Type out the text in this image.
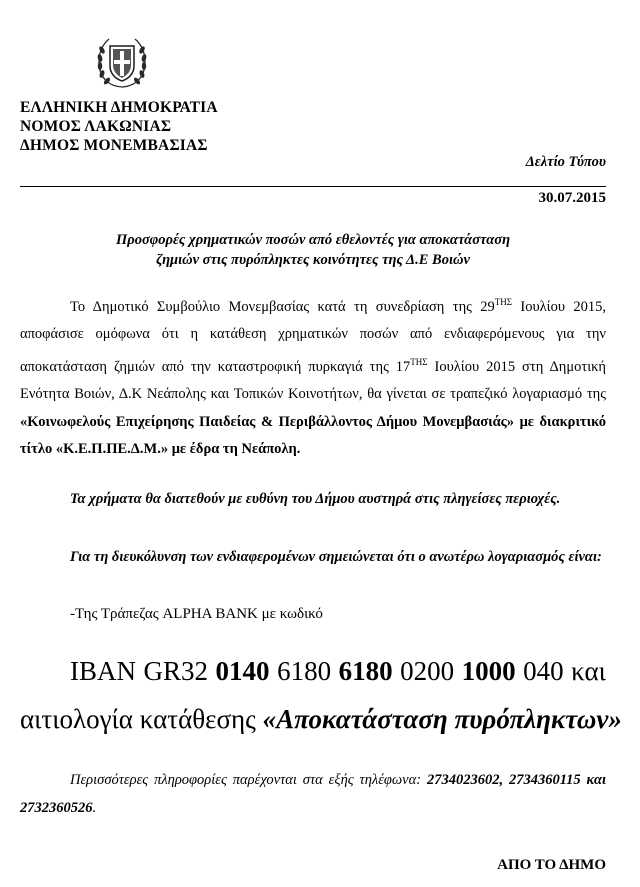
ΕΛΛΗΝΙΚΗ ΔΗΜΟΚΡΑΤΙΑ
ΝΟΜΟΣ ΛΑΚΩΝΙΑΣ
ΔΗΜΟΣ ΜΟΝΕΜΒΑΣΙΑΣ
Δελτίο Τύπου
30.07.2015
Προσφορές χρηματικών ποσών από εθελοντές για αποκατάσταση
ζημιών στις πυρόπληκτες κοινότητες της Δ.Ε Βοιών
Το Δημοτικό Συμβούλιο Μονεμβασίας κατά τη συνεδρίαση της $29^{TH\Sigma}$ Ιουλίου 2015, αποφάσισε ομόφωνα ότι η κατάθεση χρηματικών ποσών από ενδιαφερόμενους για την αποκατάσταση ζημιών από την καταστροφική πυρκαγιά της $17^{TH\Sigma}$ Ιουλίου 2015 στη Δημοτική Ενότητα Βοιών, Δ.Κ Νεάπολης και Τοπικών Κοινοτήτων, θα γίνεται σε τραπεζικό λογαριασμό της «Κοινωφελούς Επιχείρησης Παιδείας & Περιβάλλοντος Δήμου Μονεμβασιάς» με διακριτικό τίτλο «Κ.Ε.Π.ΠΕ.Δ.Μ.» με έδρα τη Νεάπολη.
Τα χρήματα θα διατεθούν με ευθύνη του Δήμου αυστηρά στις πληγείσες περιοχές.
Για τη διευκόλυνση των ενδιαφερομένων σημειώνεται ότι ο ανωτέρω λογαριασμός είναι:
-Της Τράπεζας ALPHA BANK με κωδικό
IBAN GR32 0140 6180 6180 0200 1000 040 και
αιτιολογία κατάθεσης «Αποκατάσταση πυρόπληκτων»
Περισσότερες πληροφορίες παρέχονται στα εξής τηλέφωνα: 2734023602, 2734360115 και 2732360526.
ΑΠΟ ΤΟ ΔΗΜΟ
